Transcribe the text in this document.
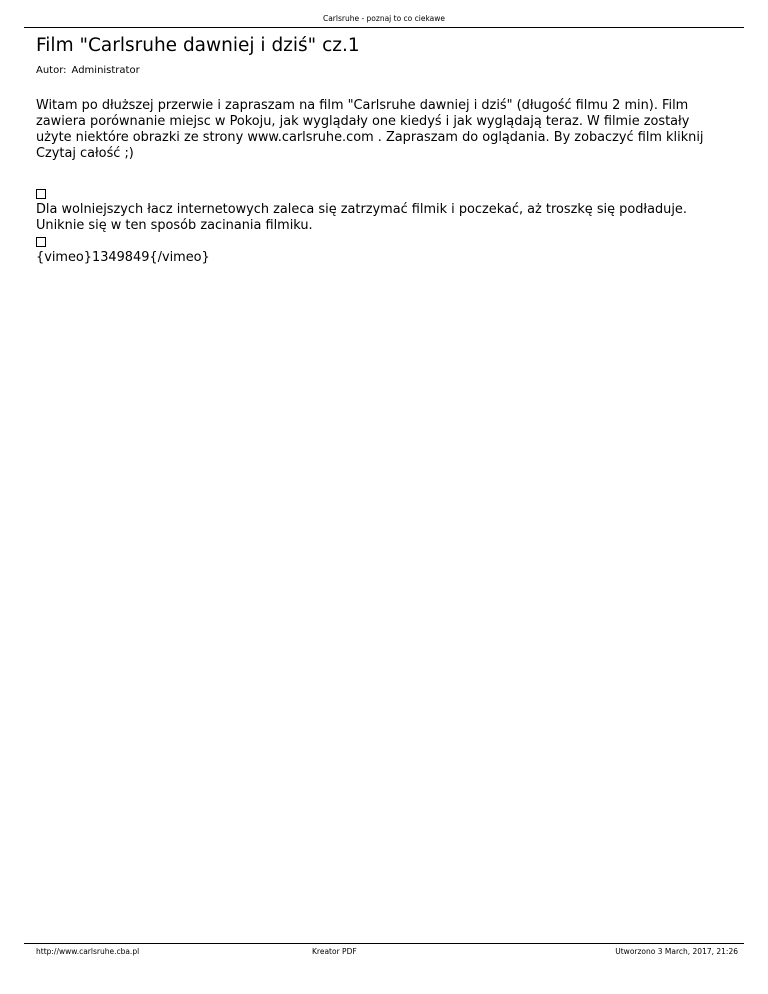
Carlsruhe - poznaj to co ciekawe
Film "Carlsruhe dawniej i dziś" cz.1
Autor: Administrator
Witam po dłuższej przerwie i zapraszam na film "Carlsruhe dawniej i dziś" (długość filmu 2 min). Film
zawiera porównanie miejsc w Pokoju, jak wyglądały one kiedyś i jak wyglądają teraz. W filmie zostały
użyte niektóre obrazki ze strony www.carlsruhe.com . Zapraszam do oglądania. By zobaczyć film kliknij
Czytaj całość ;)
Dla wolniejszych łacz internetowych zaleca się zatrzymać filmik i poczekać, aż troszkę się podładuje.
Uniknie się w ten sposób zacinania filmiku.
{vimeo}1349849{/vimeo}
http://www.carlsruhe.cba.pl	Kreator PDF	Utworzono 3 March, 2017, 21:26
